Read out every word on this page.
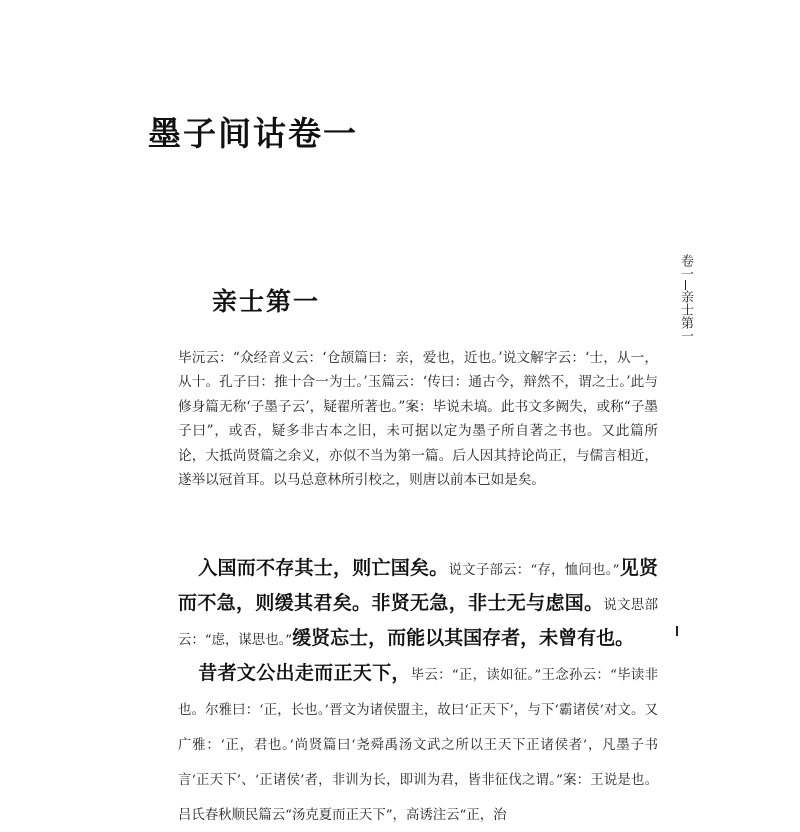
墨子间诂卷一
卷一亲士第一
亲士第一
毕沅云：“众经音义云：‘仓颉篇曰：亲，爱也，近也。’说文解字云：‘士，从一，从十。孔子曰：推十合一为士。’玉篇云：‘传曰：通古今，辩然不，谓之士。’此与修身篇无称‘子墨子云’，疑翟所著也。”案：毕说未塙。此书文多阙失，或称“子墨子曰”，或否，疑多非古本之旧，未可据以定为墨子所自著之书也。又此篇所论，大抵尚贤篇之余义，亦似不当为第一篇。后人因其持论尚正，与儒言相近，遂举以冠首耳。以马总意林所引校之，则唐以前本已如是矣。
入国而不存其士，则亡国矣。说文子部云：“存，恤问也。”见贤而不急，则缓其君矣。非贤无急，非士无与虑国。说文思部云：“虑，谋思也。”缓贤忘士，而能以其国存者，未曾有也。
昔者文公出走而正天下，毕云：“正，读如征。”王念孙云：“毕读非也。尔雅曰：‘正，长也。’晋文为诸侯盟主，故曰‘正天下’，与下‘霸诸侯’对文。又广雅：‘正，君也。’尚贤篇曰‘尧舜禹汤文武之所以王天下正诸侯者’，凡墨子书言‘正天下’、‘正诸侯’者，非训为长，即训为君，皆非征伐之谓。”案：王说是也。吕氏春秋顺民篇云“汤克夏而正天下”，高诱注云“正，治
